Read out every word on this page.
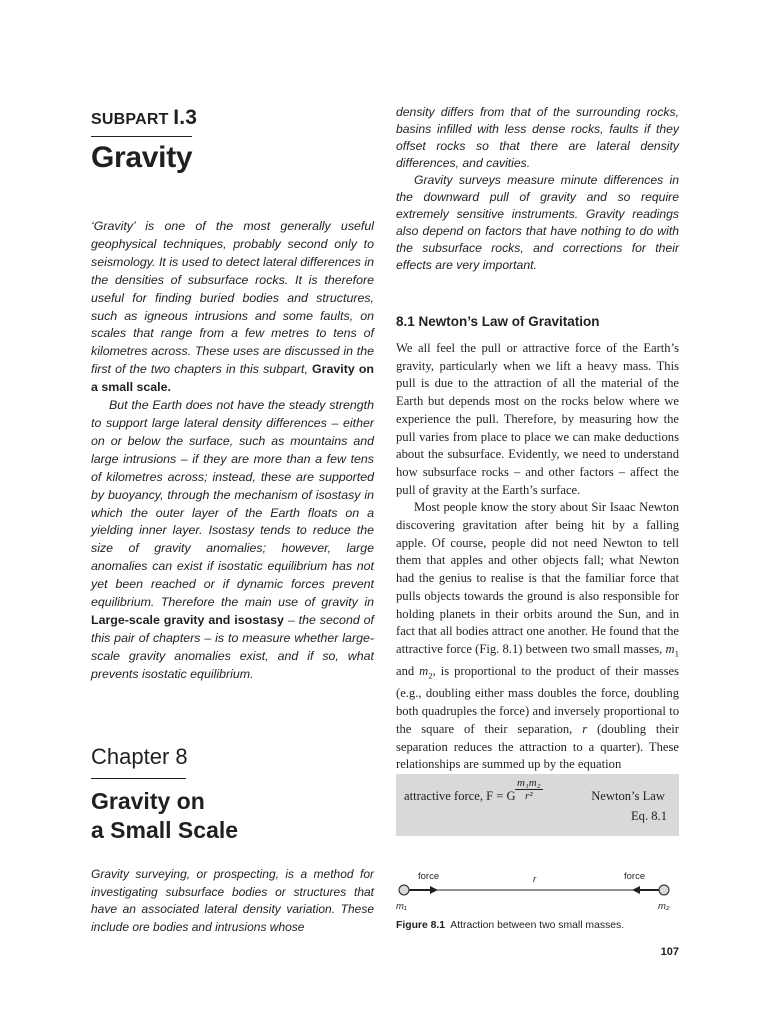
SUBPART I.3
Gravity

‘Gravity’ is one of the most generally useful geophysical techniques, probably second only to seismology. It is used to detect lateral differences in the densities of subsurface rocks. It is therefore useful for finding buried bodies and structures, such as igneous intrusions and some faults, on scales that range from a few metres to tens of kilometres across. These uses are discussed in the first of the two chapters in this subpart, Gravity on a small scale.

But the Earth does not have the steady strength to support large lateral density differences – either on or below the surface, such as mountains and large intrusions – if they are more than a few tens of kilometres across; instead, these are supported by buoyancy, through the mechanism of isostasy in which the outer layer of the Earth floats on a yielding inner layer. Isostasy tends to reduce the size of gravity anomalies; however, large anomalies can exist if isostatic equilibrium has not yet been reached or if dynamic forces prevent equilibrium. Therefore the main use of gravity in Large-scale gravity and isostasy – the second of this pair of chapters – is to measure whether large-scale gravity anomalies exist, and if so, what prevents isostatic equilibrium.

Chapter 8
Gravity on
a Small Scale

Gravity surveying, or prospecting, is a method for investigating subsurface bodies or structures that have an associated lateral density variation. These include ore bodies and intrusions whose

density differs from that of the surrounding rocks, basins infilled with less dense rocks, faults if they offset rocks so that there are lateral density differences, and cavities.

Gravity surveys measure minute differences in the downward pull of gravity and so require extremely sensitive instruments. Gravity readings also depend on factors that have nothing to do with the subsurface rocks, and corrections for their effects are very important.

8.1 Newton’s Law of Gravitation

We all feel the pull or attractive force of the Earth’s gravity, particularly when we lift a heavy mass. This pull is due to the attraction of all the material of the Earth but depends most on the rocks below where we experience the pull. Therefore, by measuring how the pull varies from place to place we can make deductions about the subsurface. Evidently, we need to understand how subsurface rocks – and other factors – affect the pull of gravity at the Earth’s surface.

Most people know the story about Sir Isaac Newton discovering gravitation after being hit by a falling apple. Of course, people did not need Newton to tell them that apples and other objects fall; what Newton had the genius to realise is that the familiar force that pulls objects towards the ground is also responsible for holding planets in their orbits around the Sun, and in fact that all bodies attract one another. He found that the attractive force (Fig. 8.1) between two small masses, $m_1$ and $m_2$, is proportional to the product of their masses (e.g., doubling either mass doubles the force, doubling both quadruples the force) and inversely proportional to the square of their separation, r (doubling their separation reduces the attraction to a quarter). These relationships are summed up by the equation

attractive force, F = G $\frac{\text{m₁m₂}}{\text{r²}}$	Newton’s Law
Eq. 8.1
force	r	force
m₁	m₂

Figure 8.1 Attraction between two small masses.

107
